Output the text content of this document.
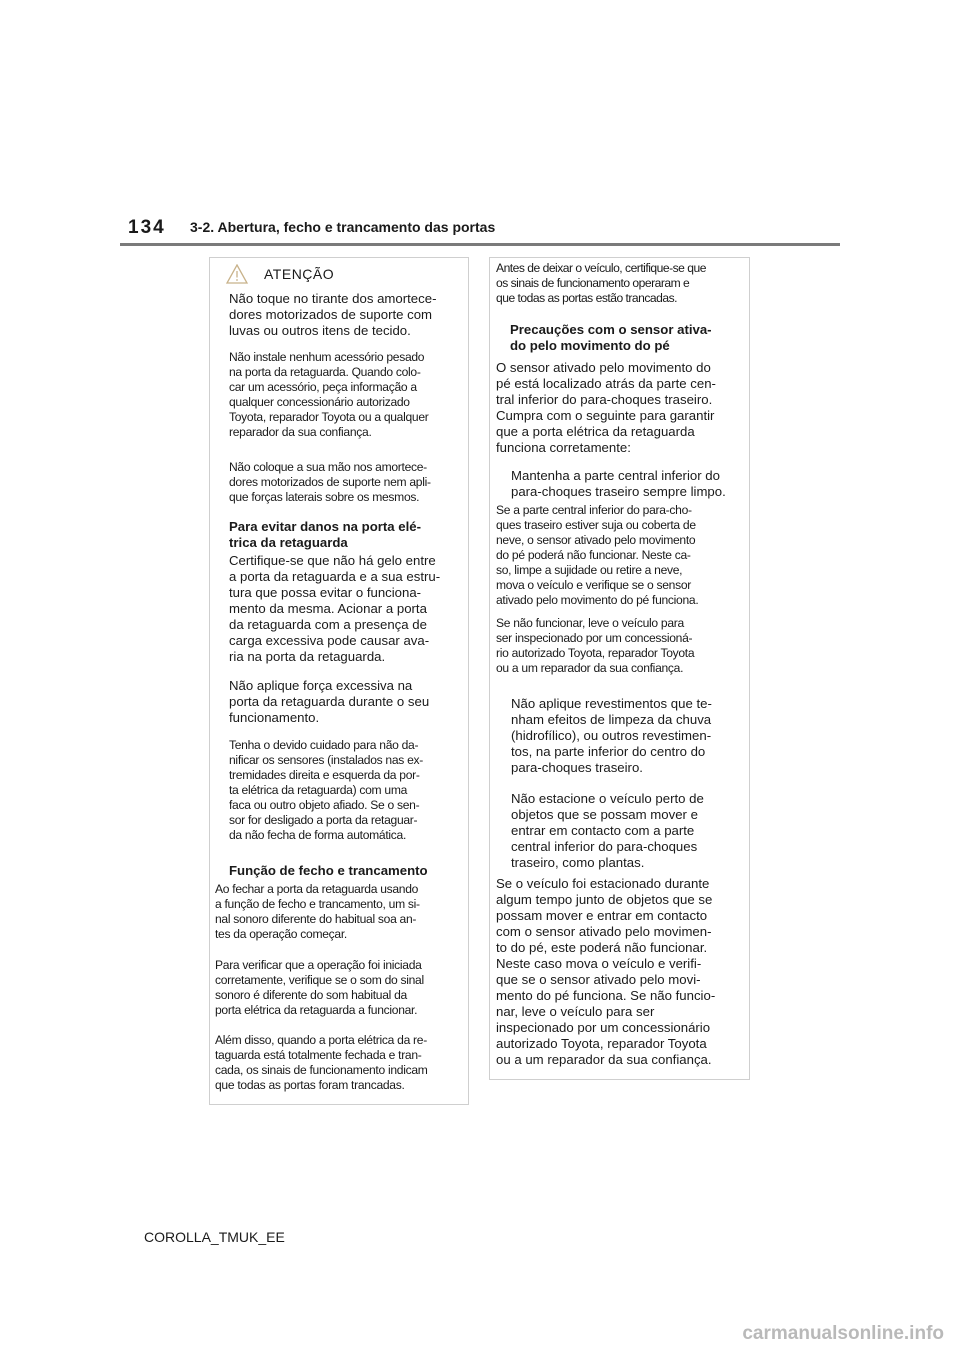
134 3-2. Abertura, fecho e trancamento das portas
ATENÇÃO

Não toque no tirante dos amortece-
dores motorizados de suporte com
luvas ou outros itens de tecido.

Não instale nenhum acessório pesado
na porta da retaguarda. Quando colo-
car um acessório, peça informação a
qualquer concessionário autorizado
Toyota, reparador Toyota ou a qualquer
reparador da sua confiança.

Não coloque a sua mão nos amortece-
dores motorizados de suporte nem apli-
que forças laterais sobre os mesmos.

Para evitar danos na porta elé-
trica da retaguarda

Certifique-se que não há gelo entre
a porta da retaguarda e a sua estru-
tura que possa evitar o funciona-
mento da mesma. Acionar a porta
da retaguarda com a presença de
carga excessiva pode causar ava-
ria na porta da retaguarda.

Não aplique força excessiva na
porta da retaguarda durante o seu
funcionamento.

Tenha o devido cuidado para não da-
nificar os sensores (instalados nas ex-
tremidades direita e esquerda da por-
ta elétrica da retaguarda) com uma
faca ou outro objeto afiado. Se o sen-
sor for desligado a porta da retaguar-
da não fecha de forma automática.

Função de fecho e trancamento

Ao fechar a porta da retaguarda usando
a função de fecho e trancamento, um si-
nal sonoro diferente do habitual soa an-
tes da operação começar.

Para verificar que a operação foi iniciada
corretamente, verifique se o som do sinal
sonoro é diferente do som habitual da
porta elétrica da retaguarda a funcionar.

Além disso, quando a porta elétrica da re-
taguarda está totalmente fechada e tran-
cada, os sinais de funcionamento indicam
que todas as portas foram trancadas.

Antes de deixar o veículo, certifique-se que
os sinais de funcionamento operaram e
que todas as portas estão trancadas.

Precauções com o sensor ativa-
do pelo movimento do pé

O sensor ativado pelo movimento do
pé está localizado atrás da parte cen-
tral inferior do para-choques traseiro.
Cumpra com o seguinte para garantir
que a porta elétrica da retaguarda
funciona corretamente:

Mantenha a parte central inferior do
para-choques traseiro sempre limpo.

Se a parte central inferior do para-cho-
ques traseiro estiver suja ou coberta de
neve, o sensor ativado pelo movimento
do pé poderá não funcionar. Neste ca-
so, limpe a sujidade ou retire a neve,
mova o veículo e verifique se o sensor
ativado pelo movimento do pé funciona.

Se não funcionar, leve o veículo para
ser inspecionado por um concessioná-
rio autorizado Toyota, reparador Toyota
ou a um reparador da sua confiança.

Não aplique revestimentos que te-
nham efeitos de limpeza da chuva
(hidrofílico), ou outros revestimen-
tos, na parte inferior do centro do
para-choques traseiro.

Não estacione o veículo perto de
objetos que se possam mover e
entrar em contacto com a parte
central inferior do para-choques
traseiro, como plantas.

Se o veículo foi estacionado durante
algum tempo junto de objetos que se
possam mover e entrar em contacto
com o sensor ativado pelo movimen-
to do pé, este poderá não funcionar.
Neste caso mova o veículo e verifi-
que se o sensor ativado pelo movi-
mento do pé funciona. Se não funcio-
nar, leve o veículo para ser
inspecionado por um concessionário
autorizado Toyota, reparador Toyota
ou a um reparador da sua confiança.

COROLLA_TMUK_EE
carmanualsonline.info
